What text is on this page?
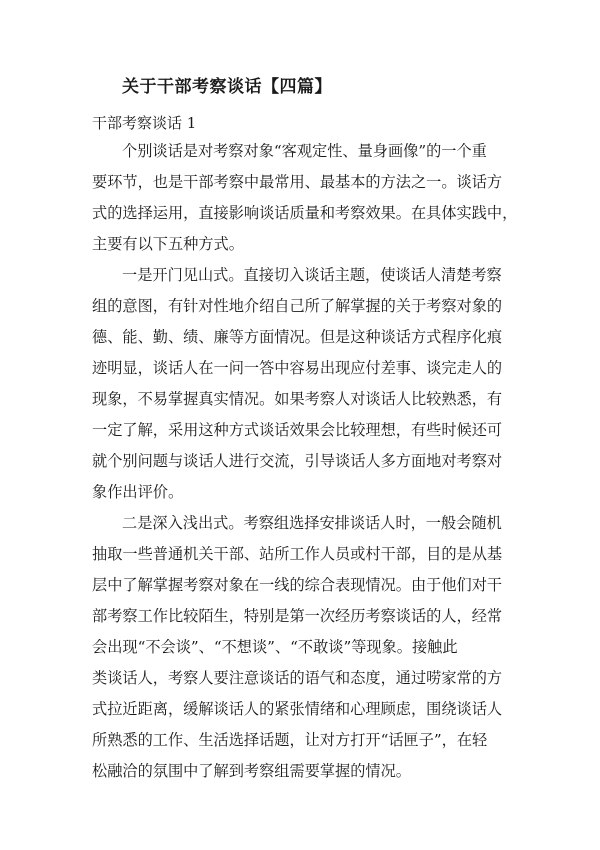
关于干部考察谈话【四篇】
干部考察谈话 1
个别谈话是对考察对象“客观定性、量身画像”的一个重
要环节，也是干部考察中最常用、最基本的方法之一。谈话方
式的选择运用，直接影响谈话质量和考察效果。在具体实践中，
主要有以下五种方式。
一是开门见山式。直接切入谈话主题，使谈话人清楚考察
组的意图，有针对性地介绍自己所了解掌握的关于考察对象的
德、能、勤、绩、廉等方面情况。但是这种谈话方式程序化痕
迹明显，谈话人在一问一答中容易出现应付差事、谈完走人的
现象，不易掌握真实情况。如果考察人对谈话人比较熟悉，有
一定了解，采用这种方式谈话效果会比较理想，有些时候还可
就个别问题与谈话人进行交流，引导谈话人多方面地对考察对
象作出评价。
二是深入浅出式。考察组选择安排谈话人时，一般会随机
抽取一些普通机关干部、站所工作人员或村干部，目的是从基
层中了解掌握考察对象在一线的综合表现情况。由于他们对干
部考察工作比较陌生，特别是第一次经历考察谈话的人，经常
会出现“不会谈”、“不想谈”、“不敢谈”等现象。接触此
类谈话人，考察人要注意谈话的语气和态度，通过唠家常的方
式拉近距离，缓解谈话人的紧张情绪和心理顾虑，围绕谈话人
所熟悉的工作、生活选择话题，让对方打开“话匣子”，在轻
松融洽的氛围中了解到考察组需要掌握的情况。
